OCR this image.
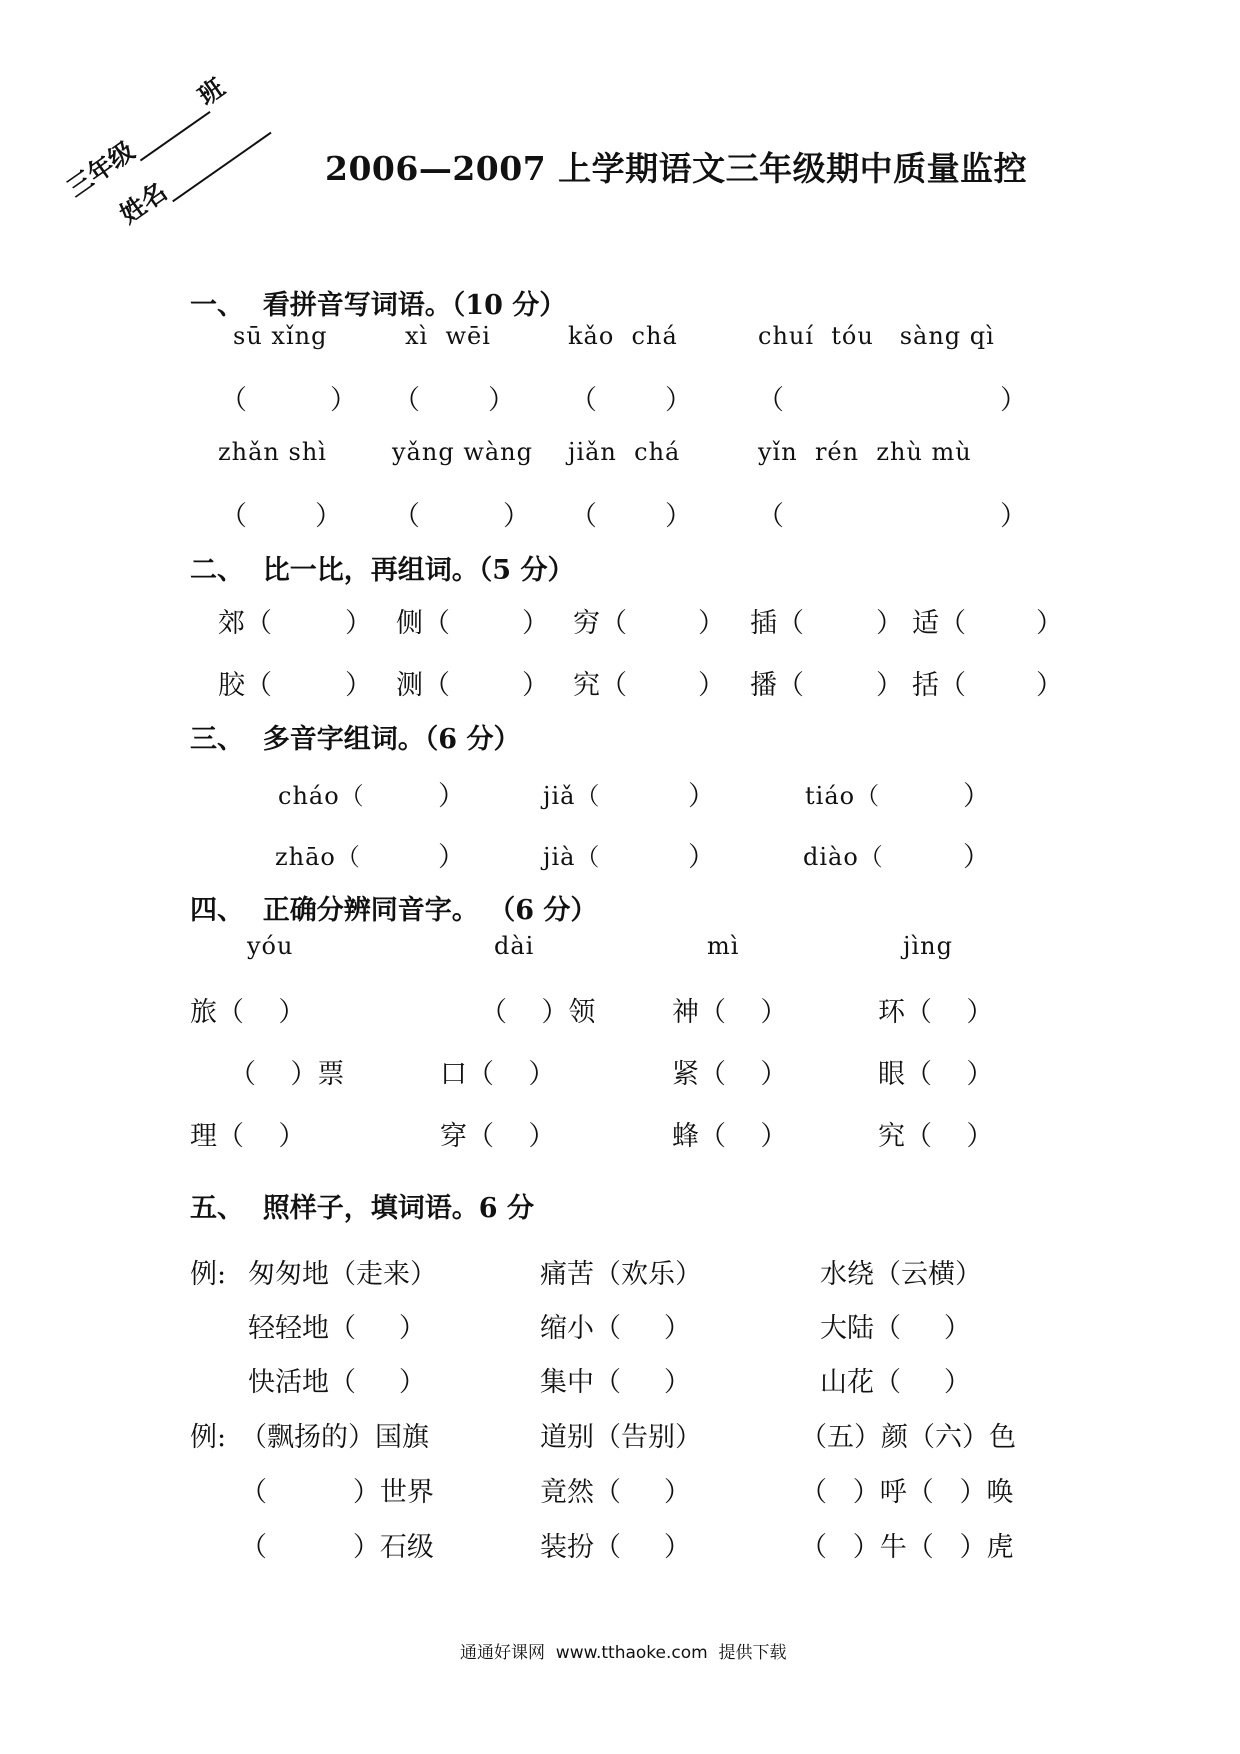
三年级班
姓名
2006—2007 上学期语文三年级期中质量监控
一、  看拼音写词语。（10 分）
sū xǐng	xì  wēi	kǎo  chá	chuí  tóu   sàng qì
（	） （	） （	） （	）
zhǎn shì	yǎng wàng jiǎn  chá	yǐn  rén  zhù mù
（	） （	） （	） （	）
二、  比一比，再组词。（5 分）
郊（	） 侧（	） 穷（	） 插（	） 适（	）
胶（	） 测（	） 究（	） 播（	） 括（	）
三、  多音字组词。（6 分）
cháo（	）	jiǎ（	）	tiáo（	）
zhāo（	）	jià（	）	diào（	）
四、  正确分辨同音字。 （6 分）
yóu	dài	mì	jìng
旅（    ）	（    ）领	神（    ）	环（    ）
（    ）票	口（    ）	紧（    ）	眼（    ）
理（    ）	穿（    ）	蜂（    ）	究（    ）
五、  照样子，填词语。6 分
例: 匆匆地（走来）	痛苦（欢乐）	水绕（云横）
轻轻地（     ）	缩小（     ）	大陆（     ）
快活地（     ）	集中（     ）	山花（     ）
例: （飘扬的）国旗	道别（告别）	（五）颜（六）色
（          ）世界	竟然（     ）	（   ）呼（   ）唤
（          ）石级	装扮（     ）	（   ）牛（   ）虎
通通好课网  www.tthaoke.com  提供下载
